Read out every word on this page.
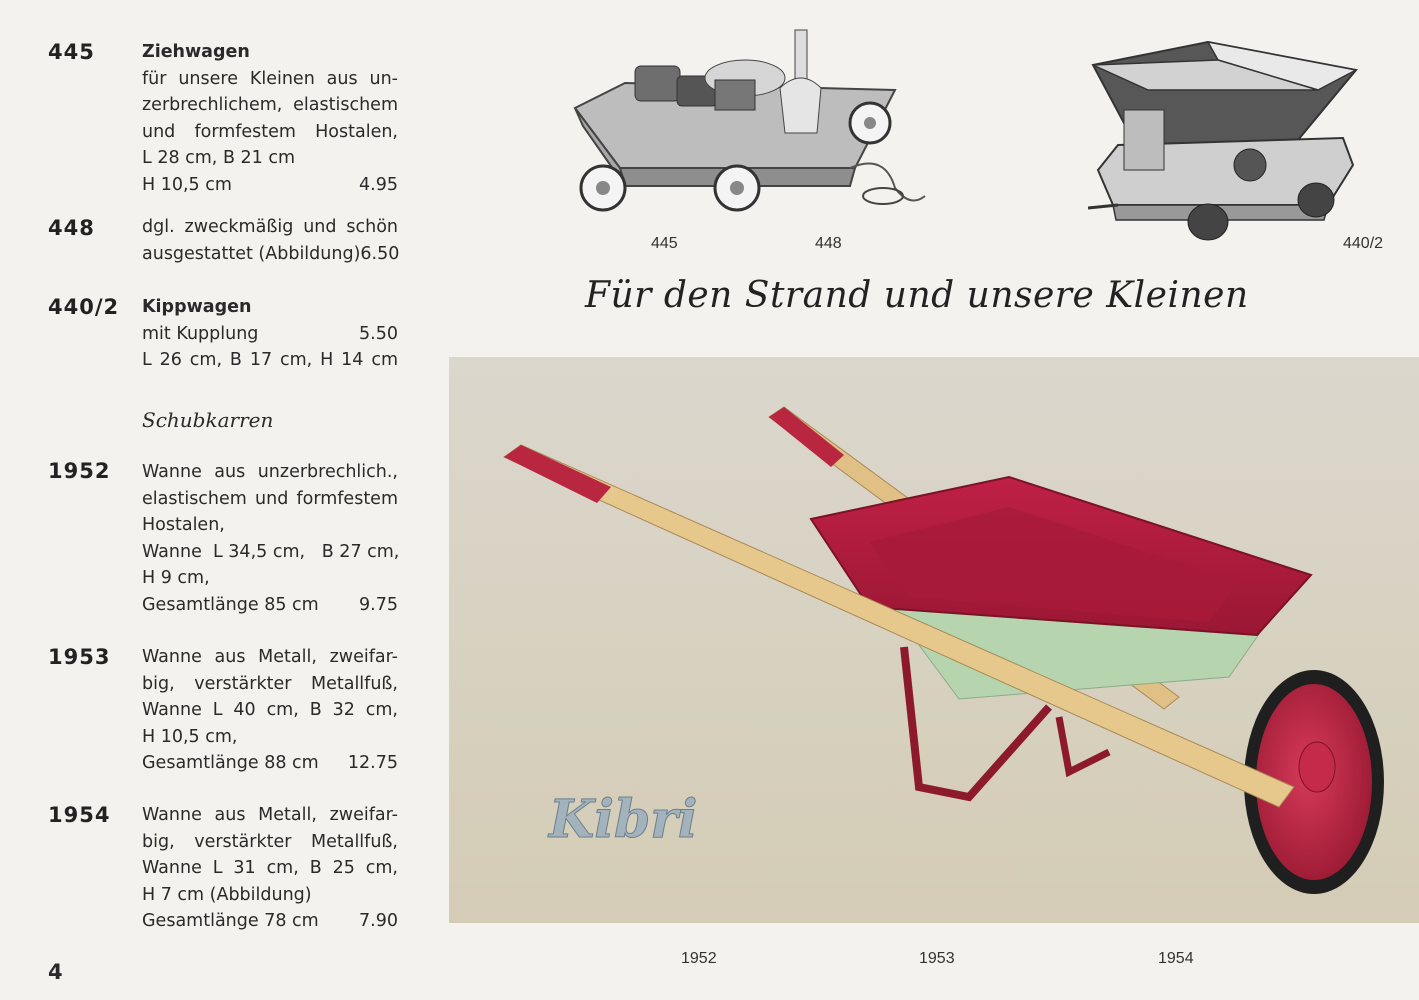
445	Ziehwagen
für unsere Kleinen aus un-
zerbrechlichem, elastischem
und formfestem Hostalen,
L 28 cm, B 21 cm
H 10,5 cm	4.95
448	dgl. zweckmäßig und schön
ausgestattet (Abbildung) 6.50
440/2 Kippwagen
mit Kupplung	5.50
L 26 cm, B 17 cm, H 14 cm
Schubkarren
1952 Wanne aus unzerbrechlich.,
elastischem und formfestem
Hostalen,
Wanne  L 34,5 cm,   B 27 cm,
H 9 cm,
Gesamtlänge 85 cm 9.75
1953 Wanne aus Metall, zweifar-
big, verstärkter Metallfuß,
Wanne L 40 cm, B 32 cm,
H 10,5 cm,
Gesamtlänge 88 cm 12.75
1954 Wanne aus Metall, zweifar-
big, verstärkter Metallfuß,
Wanne L 31 cm, B 25 cm,
H 7 cm (Abbildung)
Gesamtlänge 78 cm 7.90
4
445	448	440/2
Für den Strand und unsere Kleinen
Kibri
1952	1953	1954
